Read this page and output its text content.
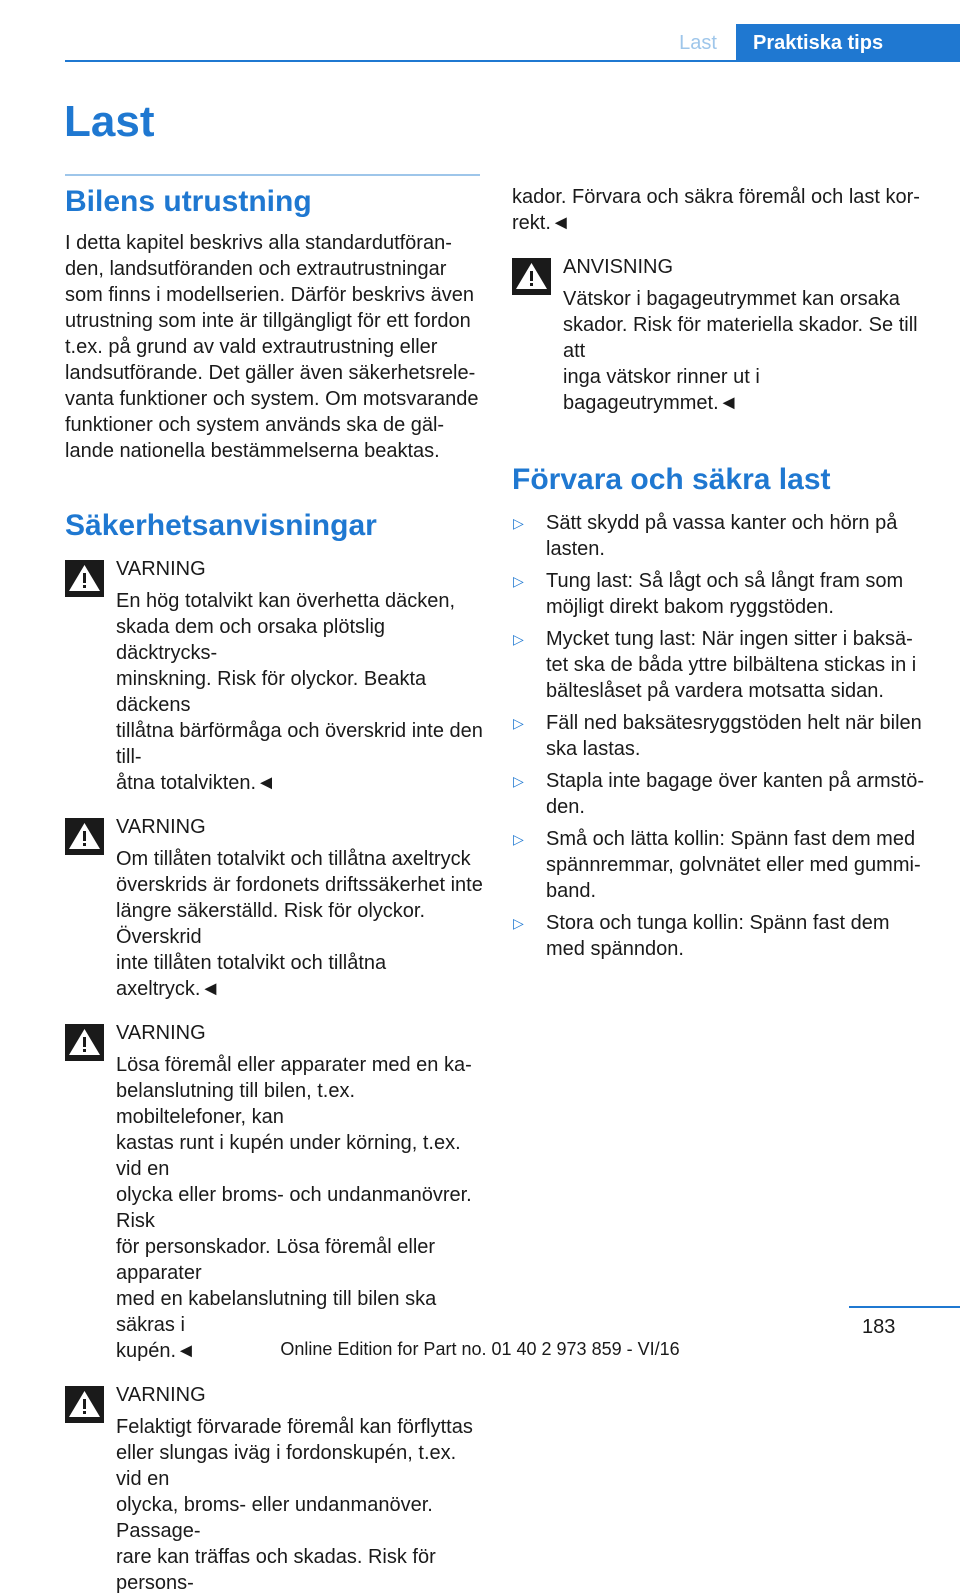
Last	Praktiska tips
Last
Bilens utrustning

I detta kapitel beskrivs alla standardutföran-
den, landsutföranden och extrautrustningar
som finns i modellserien. Därför beskrivs även
utrustning som inte är tillgängligt för ett fordon
t.ex. på grund av vald extrautrustning eller
landsutförande. Det gäller även säkerhetsrele-
vanta funktioner och system. Om motsvarande
funktioner och system används ska de gäl-
lande nationella bestämmelserna beaktas.

Säkerhetsanvisningar
VARNING
En hög totalvikt kan överhetta däcken,
skada dem och orsaka plötslig däcktrycks-
minskning. Risk för olyckor. Beakta däckens
tillåtna bärförmåga och överskrid inte den till-
åtna totalvikten.◄
VARNING
Om tillåten totalvikt och tillåtna axeltryck
överskrids är fordonets driftssäkerhet inte
längre säkerställd. Risk för olyckor. Överskrid
inte tillåten totalvikt och tillåtna axeltryck.◄
VARNING
Lösa föremål eller apparater med en ka-
belanslutning till bilen, t.ex. mobiltelefoner, kan
kastas runt i kupén under körning, t.ex. vid en
olycka eller broms- och undanmanövrer. Risk
för personskador. Lösa föremål eller apparater
med en kabelanslutning till bilen ska säkras i
kupén.◄
VARNING
Felaktigt förvarade föremål kan förflyttas
eller slungas iväg i fordonskupén, t.ex. vid en
olycka, broms- eller undanmanöver. Passage-
rare kan träffas och skadas. Risk för persons-

kador. Förvara och säkra föremål och last kor-
rekt.◄

ANVISNING
Vätskor i bagageutrymmet kan orsaka
skador. Risk för materiella skador. Se till att
inga vätskor rinner ut i bagageutrymmet.◄
Förvara och säkra last
▷ Sätt skydd på vassa kanter och hörn på
lasten.
▷ Tung last: Så lågt och så långt fram som
möjligt direkt bakom ryggstöden.
▷ Mycket tung last: När ingen sitter i baksä-
tet ska de båda yttre bilbältena stickas in i
bälteslåset på vardera motsatta sidan.
▷ Fäll ned baksätesryggstöden helt när bilen
ska lastas.
▷ Stapla inte bagage över kanten på armstö-
den.
▷ Små och lätta kollin: Spänn fast dem med
spännremmar, golvnätet eller med gummi-
band.
▷ Stora och tunga kollin: Spänn fast dem
med spänndon.
183
Online Edition for Part no. 01 40 2 973 859 - VI/16
